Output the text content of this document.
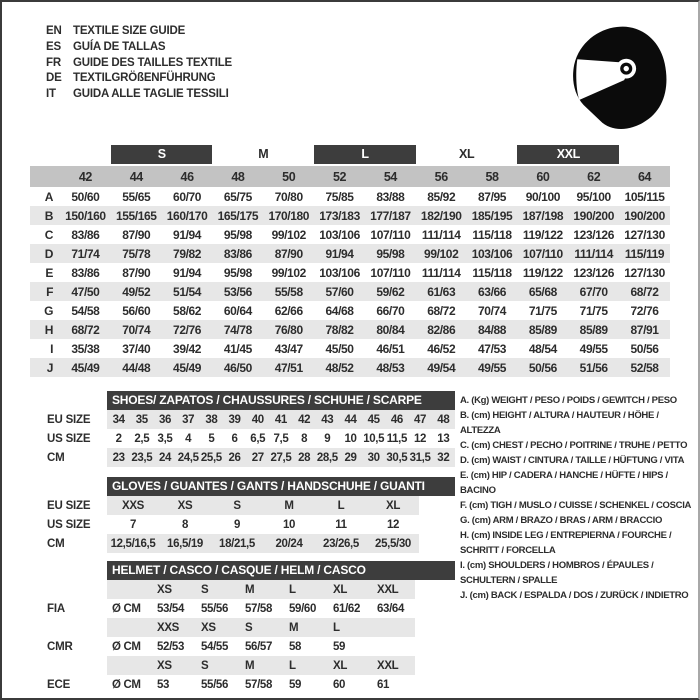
EN TEXTILE SIZE GUIDE
ES GUÍA DE TALLAS
FR GUIDE DES TAILLES TEXTILE
DE TEXTILGRÖßENFÜHRUNG
IT GUIDA ALLE TAGLIE TESSILI

		S		M		L		XL		XXL		

	42	44	46	48	50	52	54	56	58	60	62	64
A	50/60	55/65	60/70	65/75	70/80	75/85	83/88	85/92	87/95	90/100	95/100	105/115
B	150/160	155/165	160/170	165/175	170/180	173/183	177/187	182/190	185/195	187/198	190/200	190/200
C	83/86	87/90	91/94	95/98	99/102	103/106	107/110	111/114	115/118	119/122	123/126	127/130
D	71/74	75/78	79/82	83/86	87/90	91/94	95/98	99/102	103/106	107/110	111/114	115/119
E	83/86	87/90	91/94	95/98	99/102	103/106	107/110	111/114	115/118	119/122	123/126	127/130
F	47/50	49/52	51/54	53/56	55/58	57/60	59/62	61/63	63/66	65/68	67/70	68/72
G	54/58	56/60	58/62	60/64	62/66	64/68	66/70	68/72	70/74	71/75	71/75	72/76
H	68/72	70/74	72/76	74/78	76/80	78/82	80/84	82/86	84/88	85/89	85/89	87/91
I	35/38	37/40	39/42	41/45	43/47	45/50	46/51	46/52	47/53	48/54	49/55	50/56
J	45/49	44/48	45/49	46/50	47/51	48/52	48/53	49/54	49/55	50/56	51/56	52/58
SHOES/ ZAPATOS / CHAUSSURES / SCHUHE / SCARPE
EU SIZE	34	35	36	37	38	39	40	41	42	43	44	45	46	47	48
US SIZE	2	2,5	3,5	4	5	6	6,5	7,5	8	9	10	10,5	11,5	12	13
CM	23	23,5	24	24,5	25,5	26	27	27,5	28	28,5	29	30	30,5	31,5	32
GLOVES / GUANTES / GANTS / HANDSCHUHE / GUANTI
EU SIZE	XXS	XS	S	M	L	XL
US SIZE	7	8	9	10	11	12
CM	12,5/16,5	16,5/19	18/21,5	20/24	23/26,5	25,5/30
HELMET / CASCO / CASQUE / HELM / CASCO
		XS	S	M	L	XL	XXL
FIA	Ø CM	53/54	55/56	57/58	59/60	61/62	63/64
		XXS	XS	S	M	L	
CMR	Ø CM	52/53	54/55	56/57	58	59	
		XS	S	M	L	XL	XXL
ECE	Ø CM	53	55/56	57/58	59	60	61
A. (Kg) WEIGHT / PESO / POIDS / GEWITCH / PESO
B. (cm) HEIGHT / ALTURA / HAUTEUR / HÖHE / ALTEZZA
C. (cm) CHEST / PECHO / POITRINE / TRUHE / PETTO
D. (cm) WAIST / CINTURA / TAILLE / HÜFTUNG / VITA
E. (cm) HIP / CADERA / HANCHE / HÜFTE / HIPS / BACINO
F. (cm) TIGH / MUSLO / CUISSE / SCHENKEL / COSCIA
G. (cm) ARM / BRAZO / BRAS / ARM / BRACCIO
H. (cm) INSIDE LEG / ENTREPIERNA / FOURCHE / SCHRITT / FORCELLA
I. (cm) SHOULDERS / HOMBROS / ÉPAULES / SCHULTERN / SPALLE
J. (cm) BACK / ESPALDA / DOS / ZURÜCK / INDIETRO
